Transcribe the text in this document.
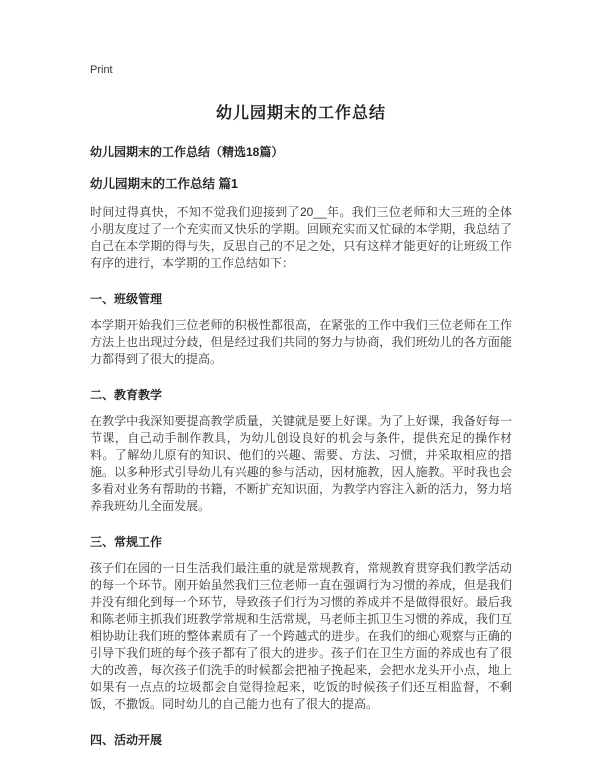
Print
幼儿园期末的工作总结
幼儿园期末的工作总结（精选18篇）
幼儿园期末的工作总结 篇1

时间过得真快，不知不觉我们迎接到了20__年。我们三位老师和大三班的全体小朋友度过了一个充实而又快乐的学期。回顾充实而又忙碌的本学期，我总结了自己在本学期的得与失，反思自己的不足之处，只有这样才能更好的让班级工作有序的进行，本学期的工作总结如下：

一、班级管理

本学期开始我们三位老师的积极性都很高，在紧张的工作中我们三位老师在工作方法上也出现过分歧，但是经过我们共同的努力与协商，我们班幼儿的各方面能力都得到了很大的提高。

二、教育教学

在教学中我深知要提高教学质量，关键就是要上好课。为了上好课，我备好每一节课，自己动手制作教具，为幼儿创设良好的机会与条件，提供充足的操作材料。了解幼儿原有的知识、他们的兴趣、需要、方法、习惯，并采取相应的措施。以多种形式引导幼儿有兴趣的参与活动，因材施教，因人施教。平时我也会多看对业务有帮助的书籍，不断扩充知识面，为教学内容注入新的活力，努力培养我班幼儿全面发展。

三、常规工作

孩子们在园的一日生活我们最注重的就是常规教育，常规教育贯穿我们教学活动的每一个环节。刚开始虽然我们三位老师一直在强调行为习惯的养成，但是我们并没有细化到每一个环节，导致孩子们行为习惯的养成并不是做得很好。最后我和陈老师主抓我们班教学常规和生活常规，马老师主抓卫生习惯的养成，我们互相协助让我们班的整体素质有了一个跨越式的进步。在我们的细心观察与正确的引导下我们班的每个孩子都有了很大的进步。孩子们在卫生方面的养成也有了很大的改善，每次孩子们洗手的时候都会把袖子挽起来，会把水龙头开小点，地上如果有一点点的垃圾都会自觉得捡起来，吃饭的时候孩子们还互相监督，不剩饭，不撒饭。同时幼儿的自己能力也有了很大的提高。

四、活动开展
